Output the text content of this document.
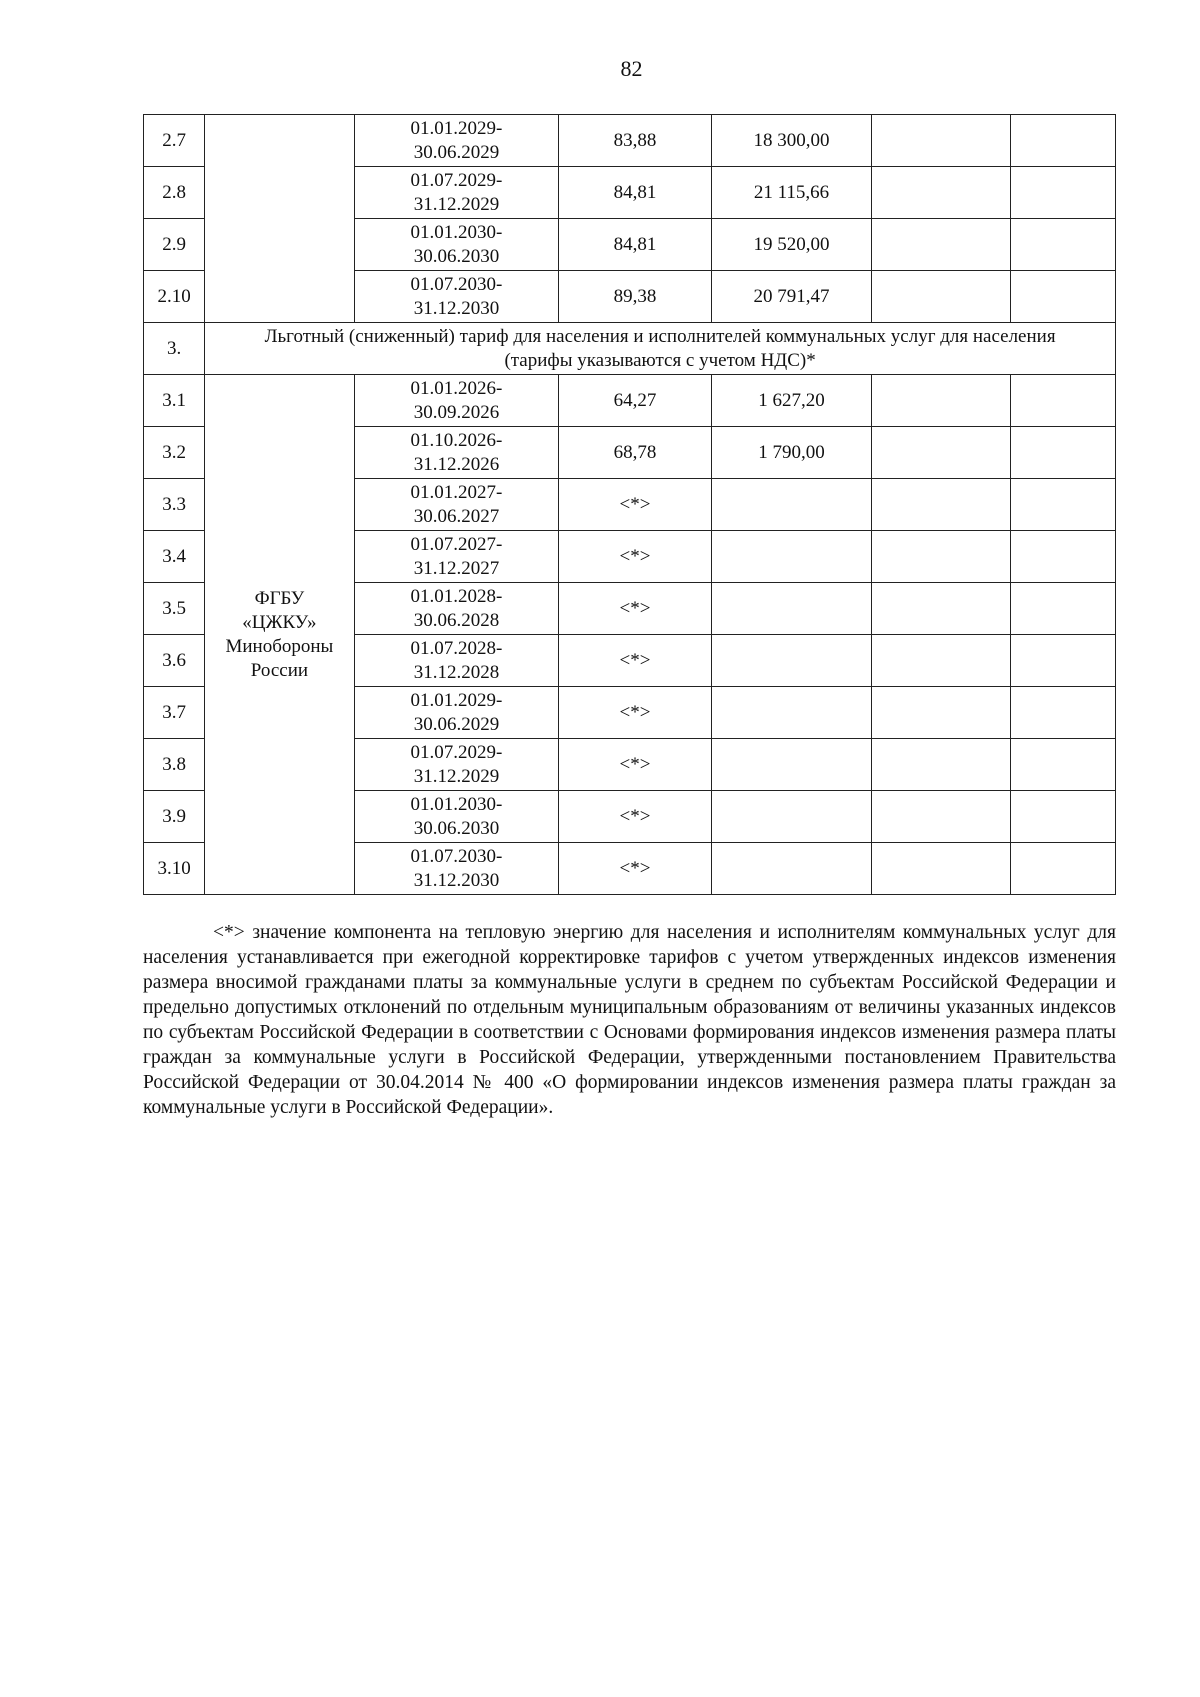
82
2.7		01.01.2029-
30.06.2029	83,88	18 300,00		
2.8		01.07.2029-
31.12.2029	84,81	21 115,66		
2.9		01.01.2030-
30.06.2030	84,81	19 520,00		
2.10		01.07.2030-
31.12.2030	89,38	20 791,47		
3.	Льготный (сниженный) тариф для населения и исполнителей коммунальных услуг для населения
(тарифы указываются с учетом НДС)*					
3.1	ФГБУ
«ЦЖКУ»
Минобороны
России	01.01.2026-
30.09.2026	64,27	1 627,20		
3.2		01.10.2026-
31.12.2026	68,78	1 790,00		
3.3		01.01.2027-
30.06.2027	<*>			
3.4		01.07.2027-
31.12.2027	<*>			
3.5		01.01.2028-
30.06.2028	<*>			
3.6		01.07.2028-
31.12.2028	<*>			
3.7		01.01.2029-
30.06.2029	<*>			
3.8		01.07.2029-
31.12.2029	<*>			
3.9		01.01.2030-
30.06.2030	<*>			
3.10		01.07.2030-
31.12.2030	<*>			
<*> значение компонента на тепловую энергию для населения и исполнителям коммунальных услуг для населения устанавливается при ежегодной корректировке тарифов с учетом утвержденных индексов изменения размера вносимой гражданами платы за коммунальные услуги в среднем по субъектам Российской Федерации и предельно допустимых отклонений по отдельным муниципальным образованиям от величины указанных индексов по субъектам Российской Федерации в соответствии с Основами формирования индексов изменения размера платы граждан за коммунальные услуги в Российской Федерации, утвержденными постановлением Правительства Российской Федерации от 30.04.2014 № 400 «О формировании индексов изменения размера платы граждан за коммунальные услуги в Российской Федерации».
